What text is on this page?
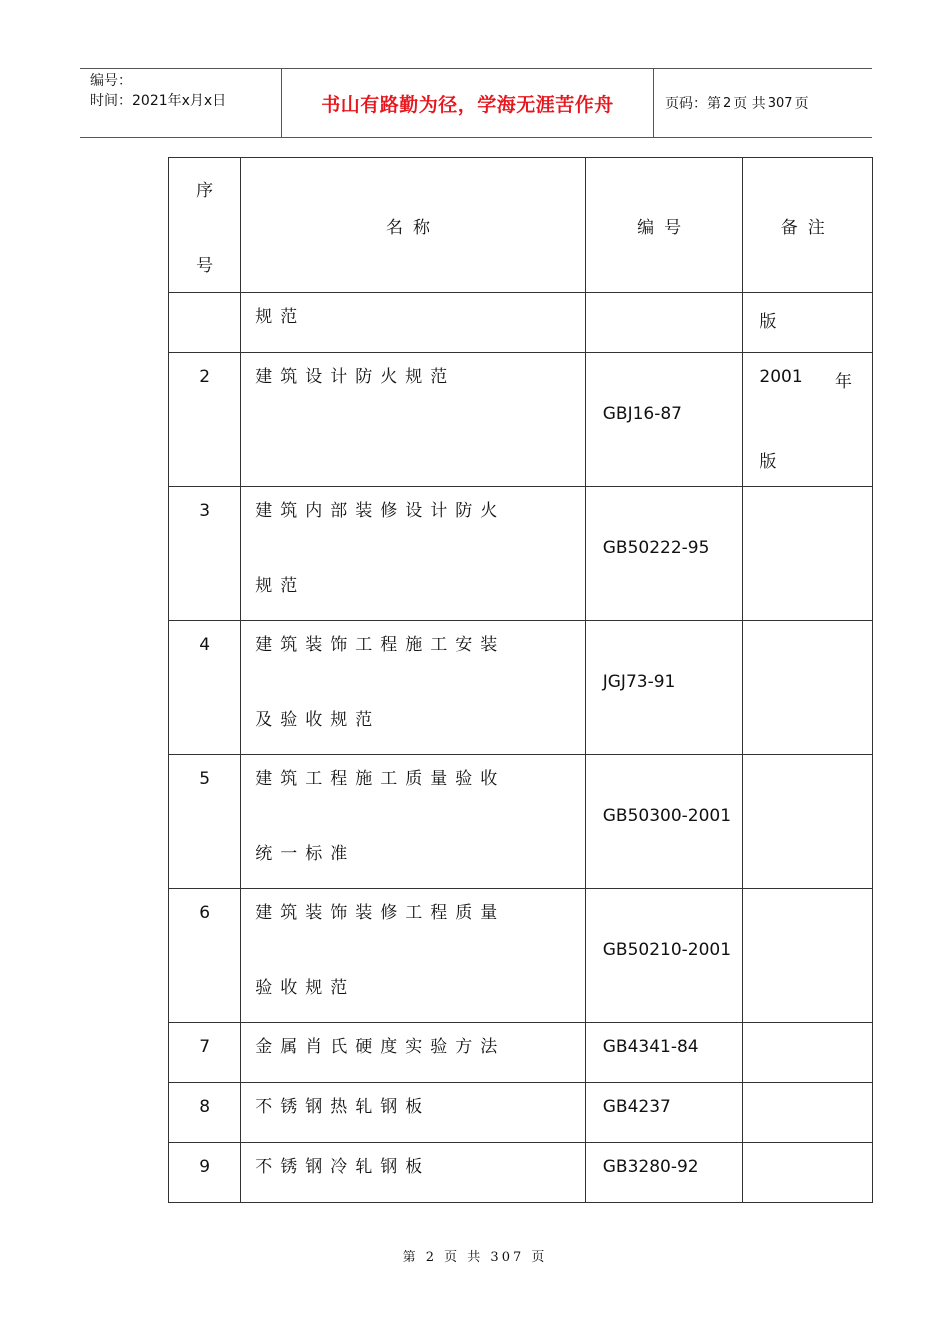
编号：
时间：2021年x月x日	书山有路勤为径，学海无涯苦作舟	页码：第 2 页 共 307 页
序
号	名称	编号	备注

	规范		版

2	建筑设计防火规范	GBJ16-87	2001 年
版

3	建筑内部装修设计防火
规范	GB50222-95	
4	建筑装饰工程施工安装
及验收规范	JGJ73-91	
5	建筑工程施工质量验收
统一标准	GB50300-2001	
6	建筑装饰装修工程质量
验收规范	GB50210-2001	
7	金属肖氏硬度实验方法	GB4341-84	
8	不锈钢热轧钢板	GB4237	
9	不锈钢冷轧钢板	GB3280-92	
第 2 页 共 307 页
